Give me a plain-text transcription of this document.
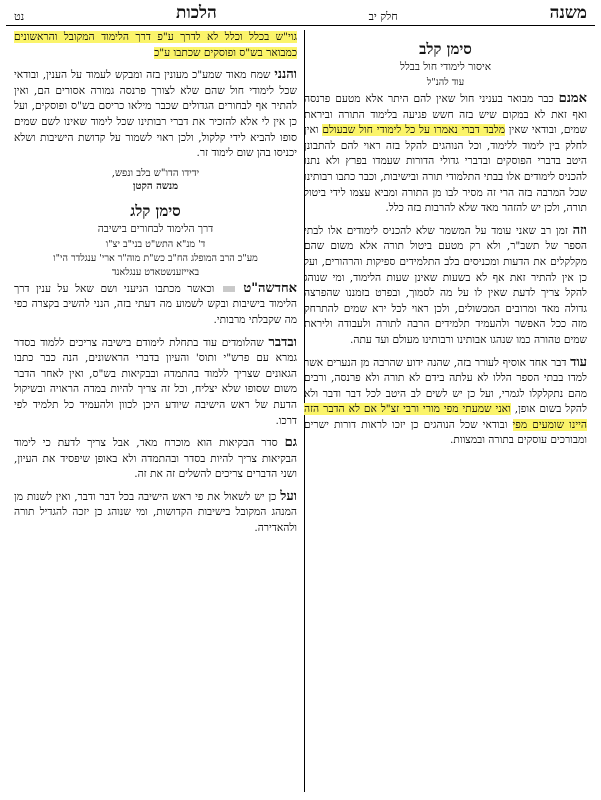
משנה
חלק יב
הלכות
נט
סימן קלב
איסור לימודי חול בבלל
עוד להנ"ל

אמנם כבר מבואר בעניני חול שאין להם היתר אלא מטעם פרנסה ואף זאת לא במקום שיש בזה חשש פגיעה בלימוד התורה וביראת שמים, ובודאי שאין מלבד דברי נאמרו על כל לימודי חול שבעולם ואין לחלק בין לימוד ללימוד, וכל הנוהגים להקל בזה ראוי להם להתבונן היטב בדברי הפוסקים ובדברי גדולי הדורות שעמדו בפרץ ולא נתנו להכניס לימודים אלו בבתי התלמודי תורה ובישיבות, וכבר כתבו רבותינו שכל המרבה בזה הרי זה מסיר לבו מן התורה ומביא עצמו לידי ביטול תורה, ולכן יש להזהר מאד שלא להרבות בזה כלל.

וזה זמן רב שאני עומד על המשמר שלא להכניס לימודים אלו לבתי הספר של תשב"ר, ולא רק מטעם ביטול תורה אלא משום שהם מקלקלים את הדעות ומכניסים בלב התלמידים ספיקות והרהורים, ועל כן אין להתיר זאת אף לא בשעות שאינן שעות הלימוד, ומי שנוהג להקל צריך לדעת שאין לו על מה לסמוך, ובפרט בזמננו שהפרצה גדולה מאד ומרובים המכשולים, ולכן ראוי לכל ירא שמים להתרחק מזה ככל האפשר ולהעמיד תלמידים הרבה לתורה ולעבודה וליראת שמים טהורה כמו שנהגו אבותינו ורבותינו מעולם ועד עתה.

עוד דבר אחד אוסיף לעורר בזה, שהנה ידוע שהרבה מן הנערים אשר למדו בבתי הספר הללו לא עלתה בידם לא תורה ולא פרנסה, ורבים מהם נתקלקלו לגמרי, ועל כן יש לשים לב היטב לכל דבר ודבר ולא להקל בשום אופן, ואני שמעתי מפי מורי ורבי זצ"ל אם לא הדבר הזה היינו שומעים מפי ובודאי שכל הנוהגים כן יזכו לראות דורות ישרים ומבורכים עוסקים בתורה ובמצוות.

גוי"ש בכלל וכלל לא לדרך ע"פ דרך הלימוד המקובל והראשונים כמבואר בש"ס ופוסקים שכתבו ע"כ

והנני שמח מאוד שמע"כ מעונין בזה ומבקש לעמוד על הענין, ובודאי שכל לימודי חול שהם שלא לצורך פרנסה גמורה אסורים הם, ואין להתיר אף לבחורים הגדולים שכבר מילאו כריסם בש"ס ופוסקים, ועל כן אין לי אלא להזכיר את דברי רבותינו שכל לימוד שאינו לשם שמים סופו להביא לידי קלקול, ולכן ראוי לשמור על קדושת הישיבות ושלא יכניסו בהן שום לימוד זר.

ידידו הדו"ש בלב ונפש,
מנשה הקטן
סימן קלג
דרך הלימוד לבחורים בישיבה
ד' מנ"א התש"ט בני"ב יצ"ו
מע"כ הרב המופלג הח"ב כש"ת מוה"ר ארי' ענגלדר הי"ו
באייזענשטאדט ענגלאנד

אחדשה"ט  וכאשר מכתבו הגיעני ושם שאל על ענין דרך הלימוד בישיבות ובקש לשמוע מה דעתי בזה, הנני להשיב בקצרה כפי מה שקבלתי מרבותי.

ובדבר שהלומדים עוד בתחלת לימודם בישיבה צריכים ללמוד בסדר גמרא עם פרש"י ותוס' והעיון בדברי הראשונים, הנה כבר כתבו הגאונים שצריך ללמוד בהתמדה ובבקיאות בש"ס, ואין לאחר הדבר משום שסופו שלא יצליח, וכל זה צריך להיות במדה הראויה ובשיקול הדעת של ראש הישיבה שיודע היכן לכוון ולהעמיד כל תלמיד לפי דרכו.

גם סדר הבקיאות הוא מוכרח מאד, אבל צריך לדעת כי לימוד הבקיאות צריך להיות בסדר ובהתמדה ולא באופן שיפסיד את העיון, ושני הדברים צריכים להשלים זה את זה.

ועל כן יש לשאול את פי ראש הישיבה בכל דבר ודבר, ואין לשנות מן המנהג המקובל בישיבות הקדושות, ומי שנוהג כן יזכה להגדיל תורה ולהאדירה.
